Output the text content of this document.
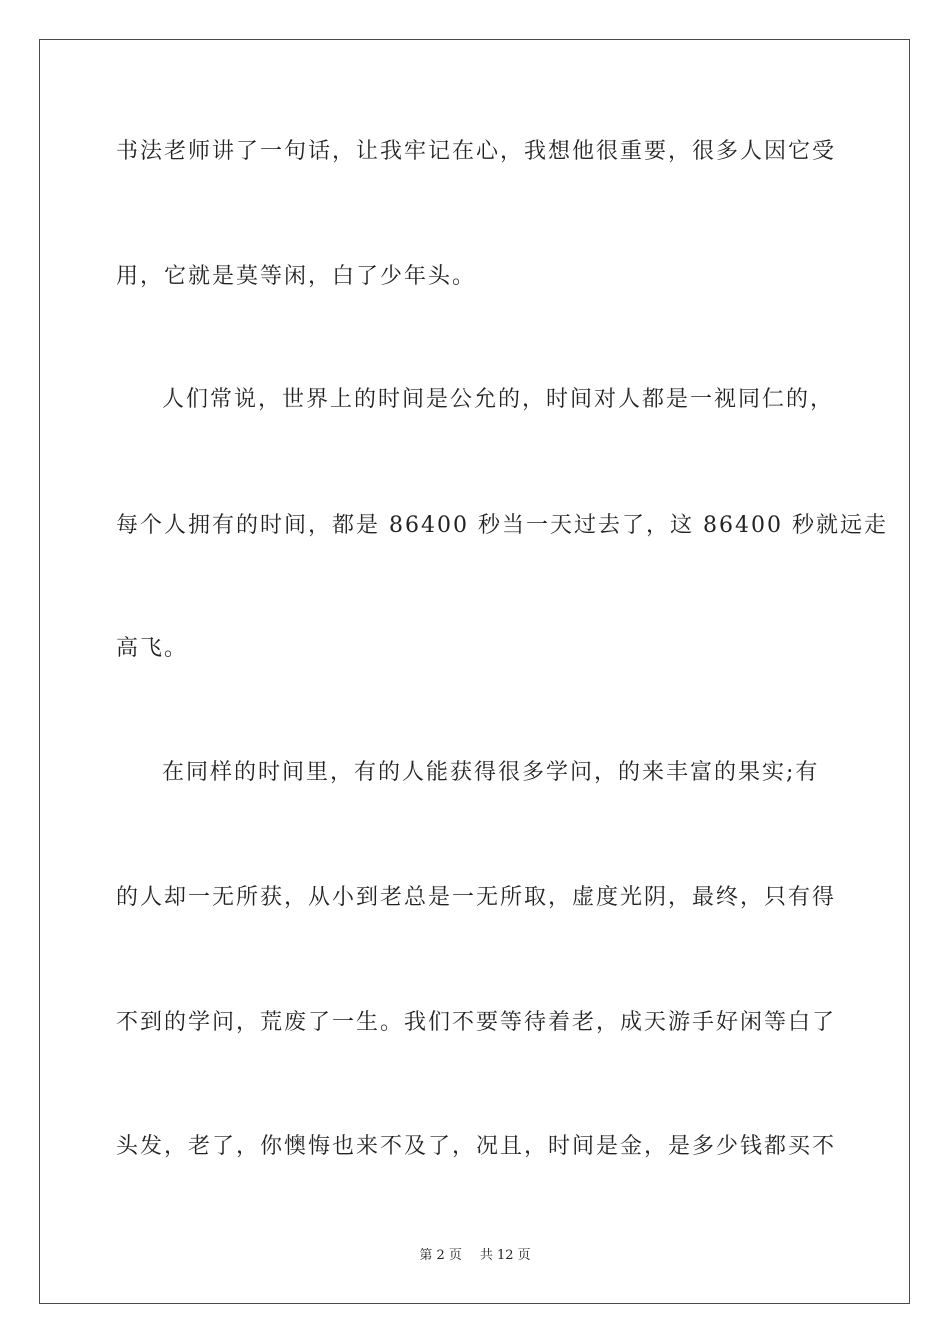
书法老师讲了一句话，让我牢记在心，我想他很重要，很多人因它受
用，它就是莫等闲，白了少年头。
人们常说，世界上的时间是公允的，时间对人都是一视同仁的，
每个人拥有的时间，都是 86400 秒当一天过去了，这 86400 秒就远走
高飞。
在同样的时间里，有的人能获得很多学问，的来丰富的果实;有
的人却一无所获，从小到老总是一无所取，虚度光阴，最终，只有得
不到的学问，荒废了一生。我们不要等待着老，成天游手好闲等白了
头发，老了，你懊悔也来不及了，况且，时间是金，是多少钱都买不
第 2 页 共 12 页
